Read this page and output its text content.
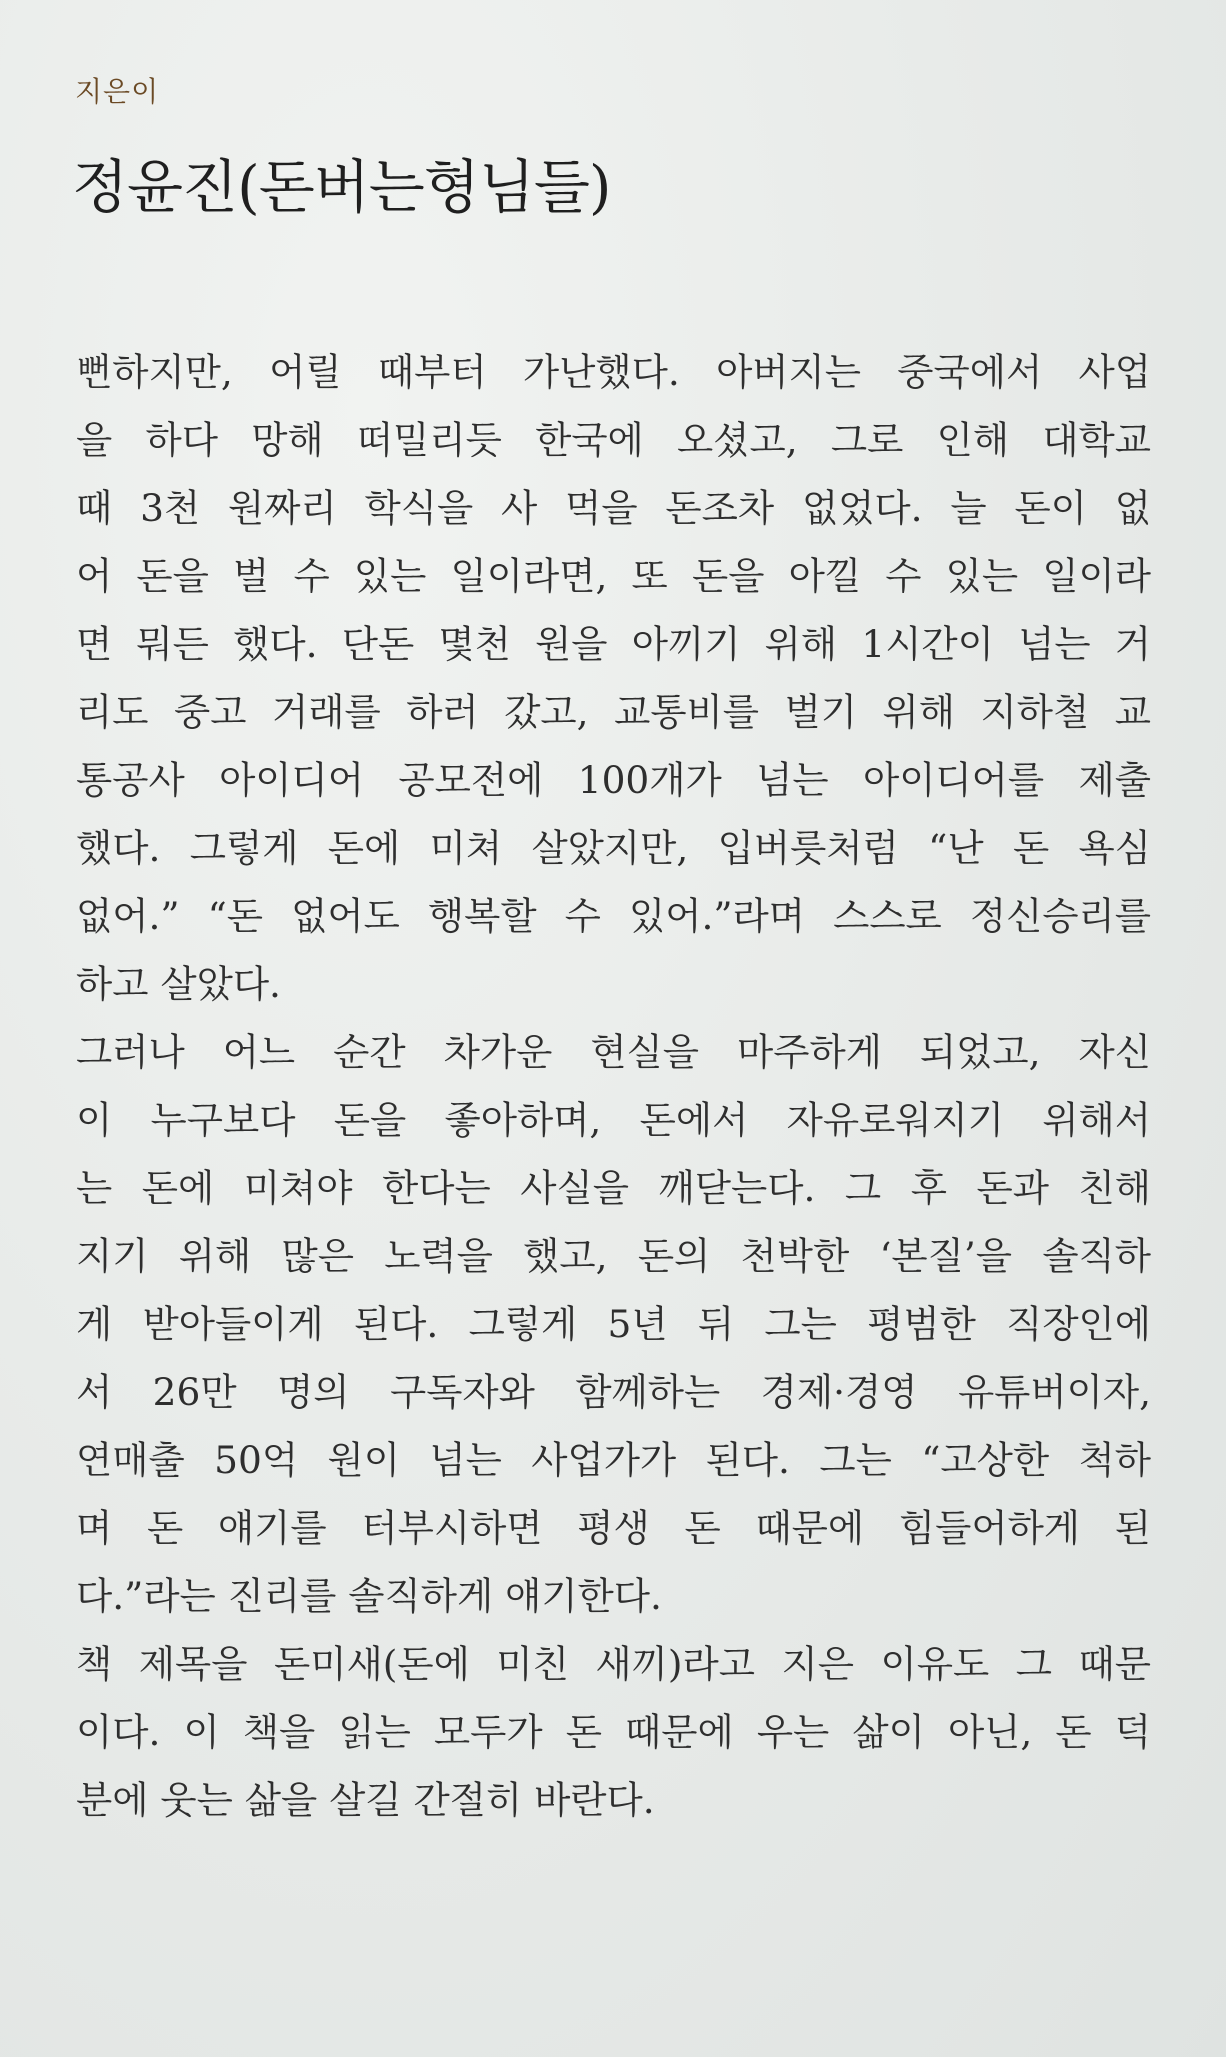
지은이
정윤진(돈버는형님들)
뻔하지만, 어릴 때부터 가난했다. 아버지는 중국에서 사업
을 하다 망해 떠밀리듯 한국에 오셨고, 그로 인해 대학교
때 3천 원짜리 학식을 사 먹을 돈조차 없었다. 늘 돈이 없
어 돈을 벌 수 있는 일이라면, 또 돈을 아낄 수 있는 일이라
면 뭐든 했다. 단돈 몇천 원을 아끼기 위해 1시간이 넘는 거
리도 중고 거래를 하러 갔고, 교통비를 벌기 위해 지하철 교
통공사 아이디어 공모전에 100개가 넘는 아이디어를 제출
했다. 그렇게 돈에 미쳐 살았지만, 입버릇처럼 “난 돈 욕심
없어.” “돈 없어도 행복할 수 있어.”라며 스스로 정신승리를
하고 살았다.
그러나 어느 순간 차가운 현실을 마주하게 되었고, 자신
이 누구보다 돈을 좋아하며, 돈에서 자유로워지기 위해서
는 돈에 미쳐야 한다는 사실을 깨닫는다. 그 후 돈과 친해
지기 위해 많은 노력을 했고, 돈의 천박한 ‘본질’을 솔직하
게 받아들이게 된다. 그렇게 5년 뒤 그는 평범한 직장인에
서 26만 명의 구독자와 함께하는 경제·경영 유튜버이자,
연매출 50억 원이 넘는 사업가가 된다. 그는 “고상한 척하
며 돈 얘기를 터부시하면 평생 돈 때문에 힘들어하게 된
다.”라는 진리를 솔직하게 얘기한다.
책 제목을 돈미새(돈에 미친 새끼)라고 지은 이유도 그 때문
이다. 이 책을 읽는 모두가 돈 때문에 우는 삶이 아닌, 돈 덕
분에 웃는 삶을 살길 간절히 바란다.
